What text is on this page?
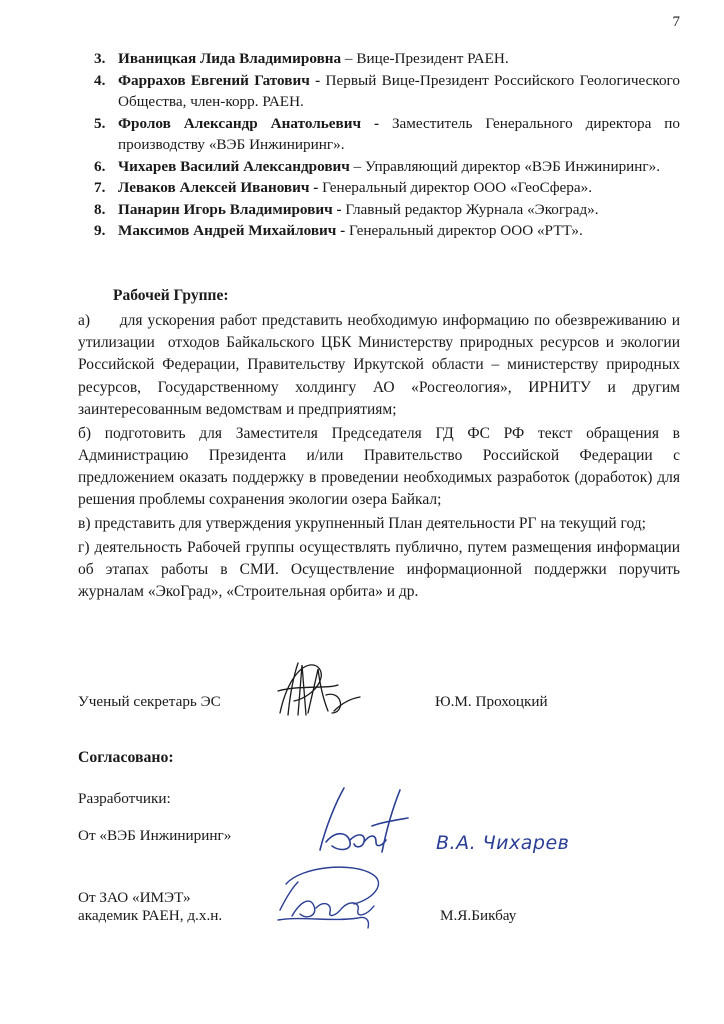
7
3. Иваницкая Лида Владимировна – Вице-Президент РАЕН.
4. Фаррахов Евгений Гатович - Первый Вице-Президент Российского Геологического Общества, член-корр. РАЕН.
5. Фролов Александр Анатольевич - Заместитель Генерального директора по производству «ВЭБ Инжиниринг».
6. Чихарев Василий Александрович – Управляющий директор «ВЭБ Инжиниринг».
7. Леваков Алексей Иванович - Генеральный директор ООО «ГеоСфера».
8. Панарин Игорь Владимирович - Главный редактор Журнала «Экоград».
9. Максимов Андрей Михайлович - Генеральный директор ООО «РТТ».
Рабочей Группе:

а)      для ускорения работ представить необходимую информацию по обезвреживанию и утилизации  отходов Байкальского ЦБК Министерству природных ресурсов и экологии Российской Федерации, Правительству Иркутской области – министерству природных ресурсов, Государственному холдингу АО «Росгеология», ИРНИТУ и другим заинтересованным ведомствам и предприятиям;

б) подготовить для Заместителя Председателя ГД ФС РФ текст обращения в Администрацию Президента и/или Правительство Российской Федерации с предложением оказать поддержку в проведении необходимых разработок (доработок) для решения проблемы сохранения экологии озера Байкал;

в) представить для утверждения укрупненный План деятельности РГ на текущий год;

г) деятельность Рабочей группы осуществлять публично, путем размещения информации об этапах работы в СМИ. Осуществление информационной поддержки поручить журналам «ЭкоГрад», «Строительная орбита» и др.

Ученый секретарь ЭС	Ю.М. Прохоцкий
Согласовано:
Разработчики:
От «ВЭБ Инжиниринг»	В.А. Чихарев
От ЗАО «ИМЭТ»
академик РАЕН, д.х.н.	М.Я.Бикбау
